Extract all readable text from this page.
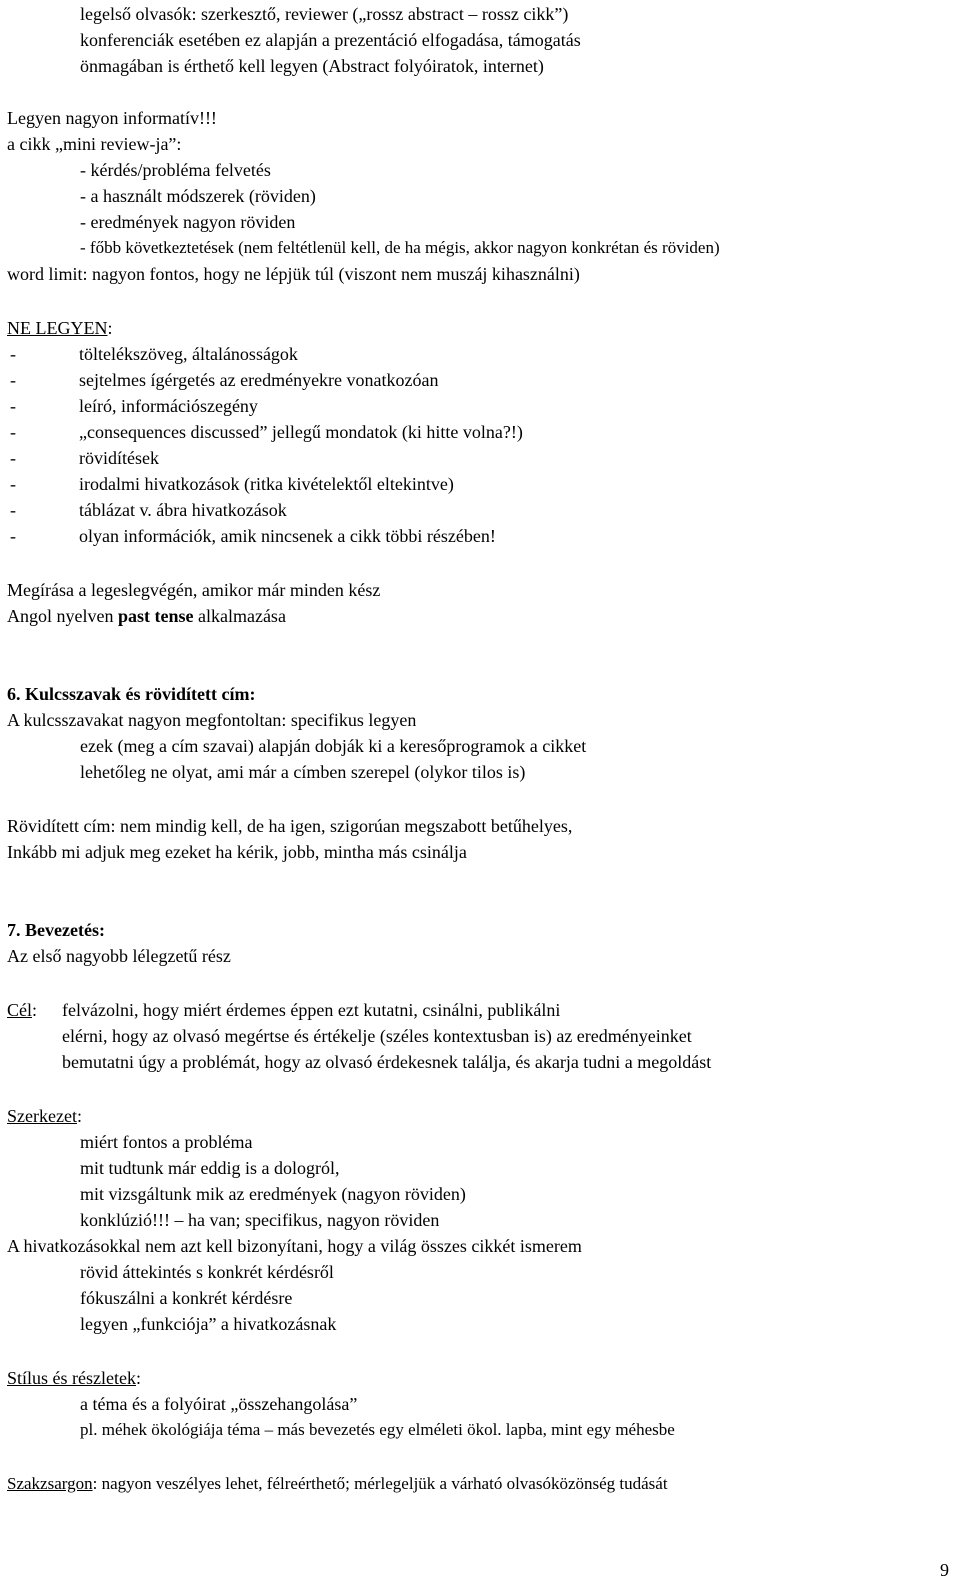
legelső olvasók: szerkesztő, reviewer („rossz abstract – rossz cikk”)
konferenciák esetében ez alapján a prezentáció elfogadása, támogatás
önmagában is érthető kell legyen (Abstract folyóiratok, internet)
Legyen nagyon informatív!!!
a cikk „mini review-ja”:
- kérdés/probléma felvetés
- a használt módszerek (röviden)
- eredmények nagyon röviden
- főbb következtetések (nem feltétlenül kell, de ha mégis, akkor nagyon konkrétan és röviden)
word limit: nagyon fontos, hogy ne lépjük túl (viszont nem muszáj kihasználni)
NE LEGYEN:
-	töltelékszöveg, általánosságok
-	sejtelmes ígérgetés az eredményekre vonatkozóan
-	leíró, információszegény
-	„consequences discussed” jellegű mondatok (ki hitte volna?!)
-	rövidítések
-	irodalmi hivatkozások (ritka kivételektől eltekintve)
-	táblázat v. ábra hivatkozások
-	olyan információk, amik nincsenek a cikk többi részében!
Megírása a legeslegvégén, amikor már minden kész
Angol nyelven past tense alkalmazása
6. Kulcsszavak és rövidített cím:
A kulcsszavakat nagyon megfontoltan: specifikus legyen
ezek (meg a cím szavai) alapján dobják ki a keresőprogramok a cikket
lehetőleg ne olyat, ami már a címben szerepel (olykor tilos is)
Rövidített cím: nem mindig kell, de ha igen, szigorúan megszabott betűhelyes,
Inkább mi adjuk meg ezeket ha kérik, jobb, mintha más csinálja
7. Bevezetés:
Az első nagyobb lélegzetű rész
Cél: felvázolni, hogy miért érdemes éppen ezt kutatni, csinálni, publikálni
elérni, hogy az olvasó megértse és értékelje (széles kontextusban is) az eredményeinket
bemutatni úgy a problémát, hogy az olvasó érdekesnek találja, és akarja tudni a megoldást
Szerkezet:
miért fontos a probléma
mit tudtunk már eddig is a dologról,
mit vizsgáltunk mik az eredmények (nagyon röviden)
konklúzió!!! – ha van; specifikus, nagyon röviden
A hivatkozásokkal nem azt kell bizonyítani, hogy a világ összes cikkét ismerem
rövid áttekintés s konkrét kérdésről
fókuszálni a konkrét kérdésre
legyen „funkciója” a hivatkozásnak
Stílus és részletek:
a téma és a folyóirat „összehangolása”
pl. méhek ökológiája téma – más bevezetés egy elméleti ökol. lapba, mint egy méhesbe
Szakzsargon: nagyon veszélyes lehet, félreérthető; mérlegeljük a várható olvasóközönség tudását
9
